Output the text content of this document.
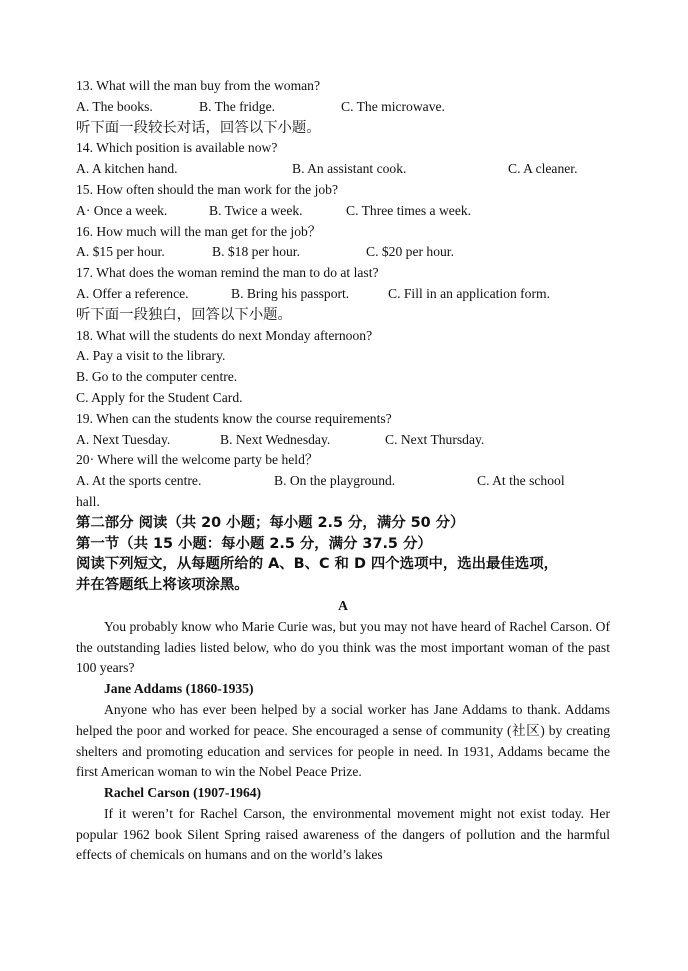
13. What will the man buy from the woman?
A. The books.	B. The fridge.	C. The microwave.
听下面一段较长对话，回答以下小题。
14. Which position is available now?
A. A kitchen hand.	B. An assistant cook.	C. A cleaner.
15. How often should the man work for the job?
A· Once a week.	B. Twice a week.	C. Three times a week.
16. How much will the man get for the job？
A. $15 per hour.	B. $18 per hour.	C. $20 per hour.
17. What does the woman remind the man to do at last?
A. Offer a reference.	B. Bring his passport.	C. Fill in an application form.
听下面一段独白，回答以下小题。
18. What will the students do next Monday afternoon?
A. Pay a visit to the library.
B. Go to the computer centre.
C. Apply for the Student Card.
19. When can the students know the course requirements?
A. Next Tuesday.	B. Next Wednesday.	C. Next Thursday.
20· Where will the welcome party be held？
A. At the sports centre.	B. On the playground.	C. At the school
hall.
第二部分 阅读（共 20 小题；每小题 2.5 分，满分 50 分）
第一节（共 15 小题：每小题 2.5 分，满分 37.5 分）
阅读下列短文，从每题所给的 A、B、C 和 D 四个选项中，选出最佳选项，
并在答题纸上将该项涂黑。
A

You probably know who Marie Curie was, but you may not have heard of Rachel Carson. Of the outstanding ladies listed below, who do you think was the most important woman of the past 100 years?

Jane Addams (1860-1935)

Anyone who has ever been helped by a social worker has Jane Addams to thank. Addams helped the poor and worked for peace. She encouraged a sense of community (社区) by creating shelters and promoting education and services for people in need. In 1931, Addams became the first American woman to win the Nobel Peace Prize.

Rachel Carson (1907-1964)

If it weren’t for Rachel Carson, the environmental movement might not exist today. Her popular 1962 book Silent Spring raised awareness of the dangers of pollution and the harmful effects of chemicals on humans and on the world’s lakes
